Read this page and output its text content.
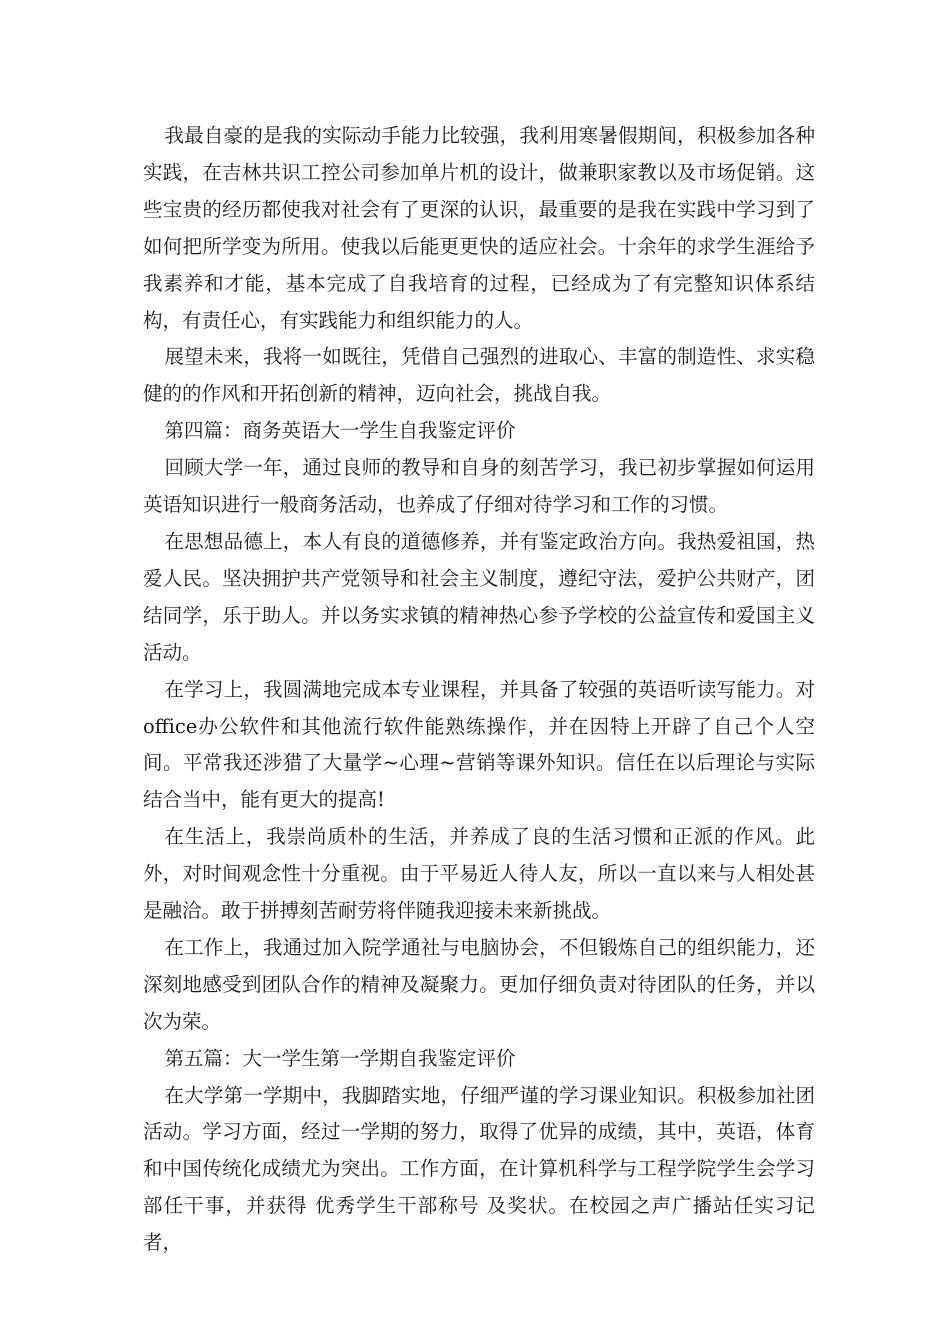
我最自豪的是我的实际动手能力比较强，我利用寒暑假期间，积极参加各种实践，在吉林共识工控公司参加单片机的设计，做兼职家教以及市场促销。这些宝贵的经历都使我对社会有了更深的认识，最重要的是我在实践中学习到了如何把所学变为所用。使我以后能更更快的适应社会。十余年的求学生涯给予我素养和才能，基本完成了自我培育的过程，已经成为了有完整知识体系结构，有责任心，有实践能力和组织能力的人。

展望未来，我将一如既往，凭借自己强烈的进取心、丰富的制造性、求实稳健的的作风和开拓创新的精神，迈向社会，挑战自我。

第四篇：商务英语大一学生自我鉴定评价

回顾大学一年，通过良师的教导和自身的刻苦学习，我已初步掌握如何运用英语知识进行一般商务活动，也养成了仔细对待学习和工作的习惯。

在思想品德上，本人有良的道德修养，并有鉴定政治方向。我热爱祖国，热爱人民。坚决拥护共产党领导和社会主义制度，遵纪守法，爱护公共财产，团结同学，乐于助人。并以务实求镇的精神热心参予学校的公益宣传和爱国主义活动。

在学习上，我圆满地完成本专业课程，并具备了较强的英语听读写能力。对office办公软件和其他流行软件能熟练操作，并在因特上开辟了自己个人空间。平常我还涉猎了大量学~心理~营销等课外知识。信任在以后理论与实际结合当中，能有更大的提高!

在生活上，我崇尚质朴的生活，并养成了良的生活习惯和正派的作风。此外，对时间观念性十分重视。由于平易近人待人友，所以一直以来与人相处甚是融洽。敢于拼搏刻苦耐劳将伴随我迎接未来新挑战。

在工作上，我通过加入院学通社与电脑协会，不但锻炼自己的组织能力，还深刻地感受到团队合作的精神及凝聚力。更加仔细负责对待团队的任务，并以次为荣。

第五篇：大一学生第一学期自我鉴定评价

在大学第一学期中，我脚踏实地，仔细严谨的学习课业知识。积极参加社团活动。学习方面，经过一学期的努力，取得了优异的成绩，其中，英语，体育和中国传统化成绩尤为突出。工作方面，在计算机科学与工程学院学生会学习部任干事，并获得 优秀学生干部称号 及奖状。在校园之声广播站任实习记者，
